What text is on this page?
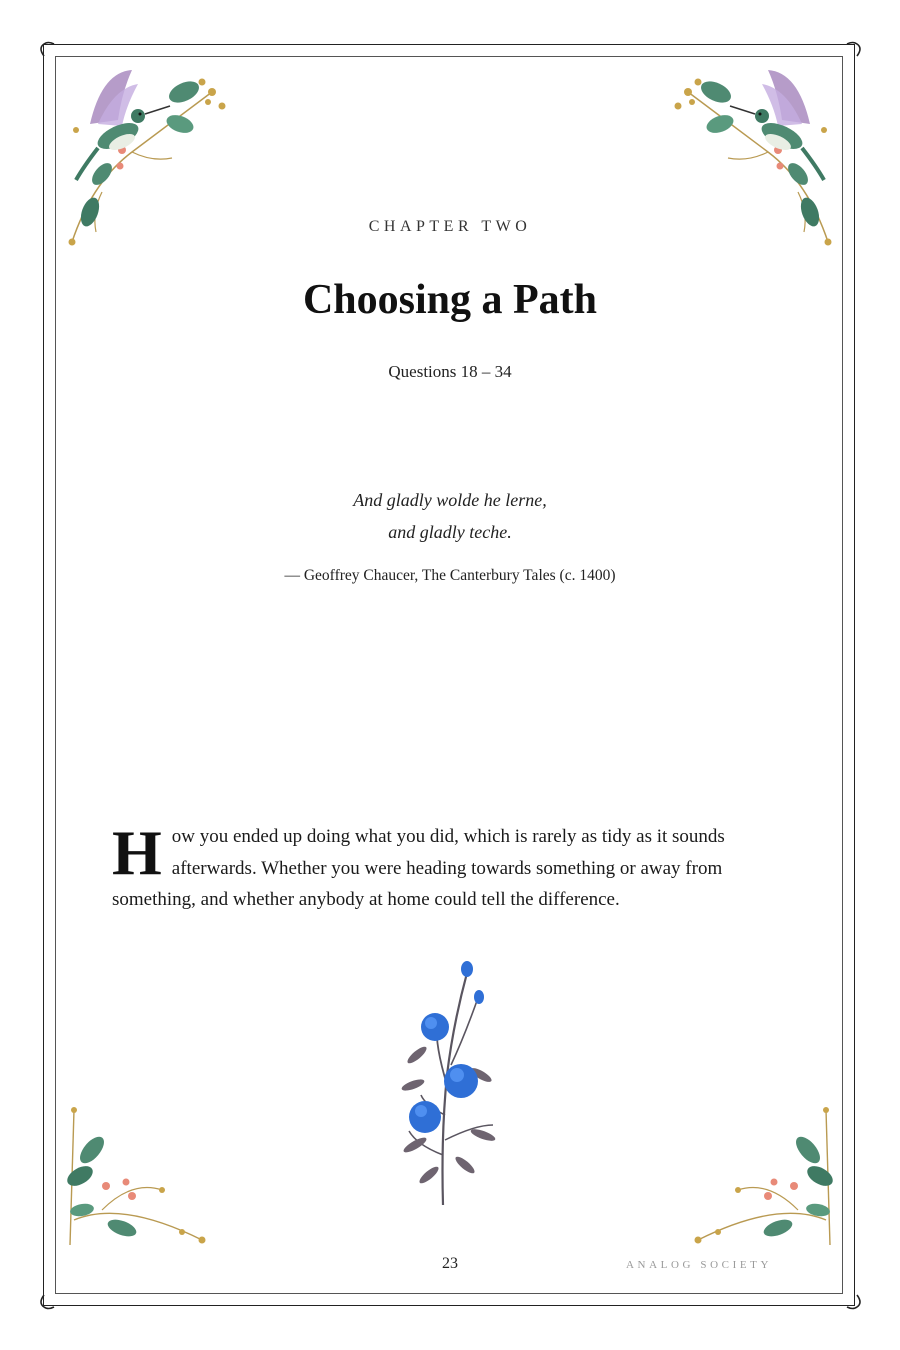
CHAPTER TWO
Choosing a Path
Questions 18 – 34
And gladly wolde he lerne,
and gladly teche.
— Geoffrey Chaucer, The Canterbury Tales (c. 1400)
H ow you ended up doing what you did, which is rarely as tidy as it sounds afterwards. Whether you were heading towards something or away from something, and whether anybody at home could tell the difference.
23	ANALOG SOCIETY
